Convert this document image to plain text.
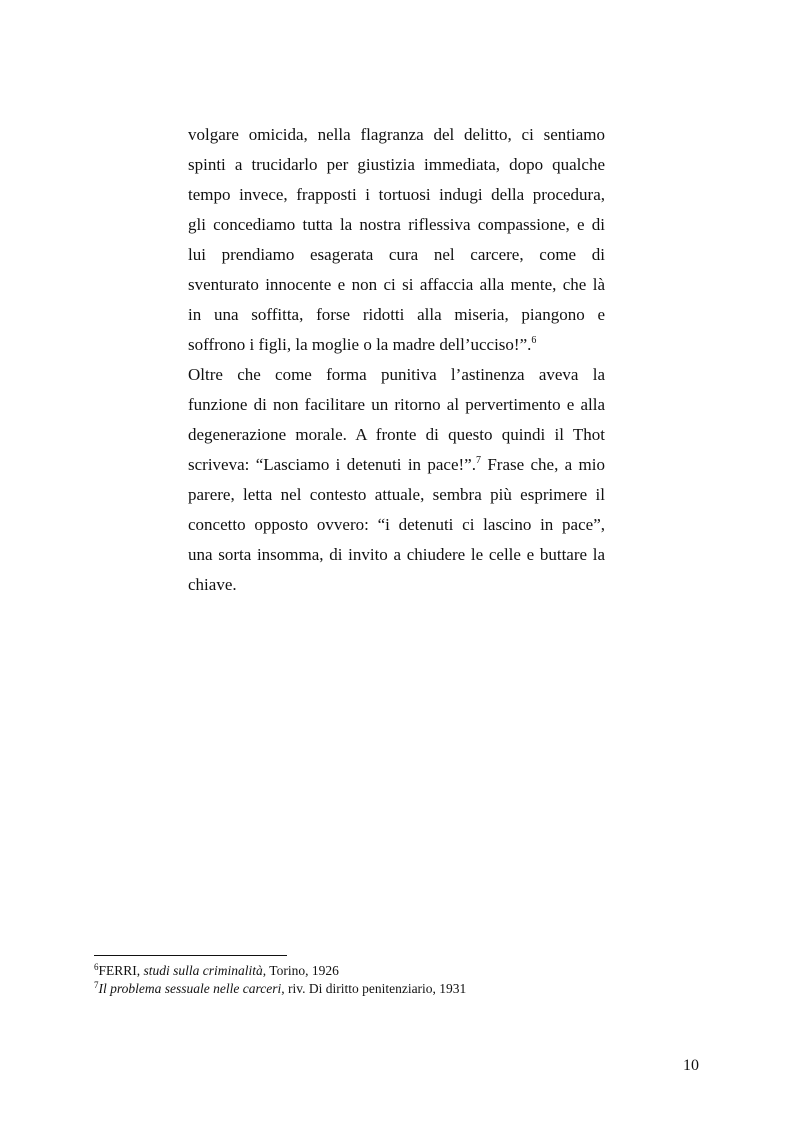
volgare omicida, nella flagranza del delitto, ci sentiamo
spinti a trucidarlo per giustizia immediata, dopo qualche
tempo invece, frapposti i tortuosi indugi della procedura,
gli concediamo tutta la nostra riflessiva compassione, e di
lui prendiamo esagerata cura nel carcere, come di
sventurato innocente e non ci si affaccia alla mente, che là
in una soffitta, forse ridotti alla miseria, piangono e
soffrono i figli, la moglie o la madre dell’ucciso!”.$^6$
Oltre che come forma punitiva l’astinenza aveva la
funzione di non facilitare un ritorno al pervertimento e alla
degenerazione morale. A fronte di questo quindi il Thot
scriveva: “Lasciamo i detenuti in pace!”.$^7$ Frase che, a mio
parere, letta nel contesto attuale, sembra più esprimere il
concetto opposto ovvero: “i detenuti ci lascino in pace”,
una sorta insomma, di invito a chiudere le celle e buttare la
chiave.
$^6$FERRI, studi sulla criminalità, Torino, 1926
$^7$Il problema sessuale nelle carceri, riv. Di diritto penitenziario, 1931
10
